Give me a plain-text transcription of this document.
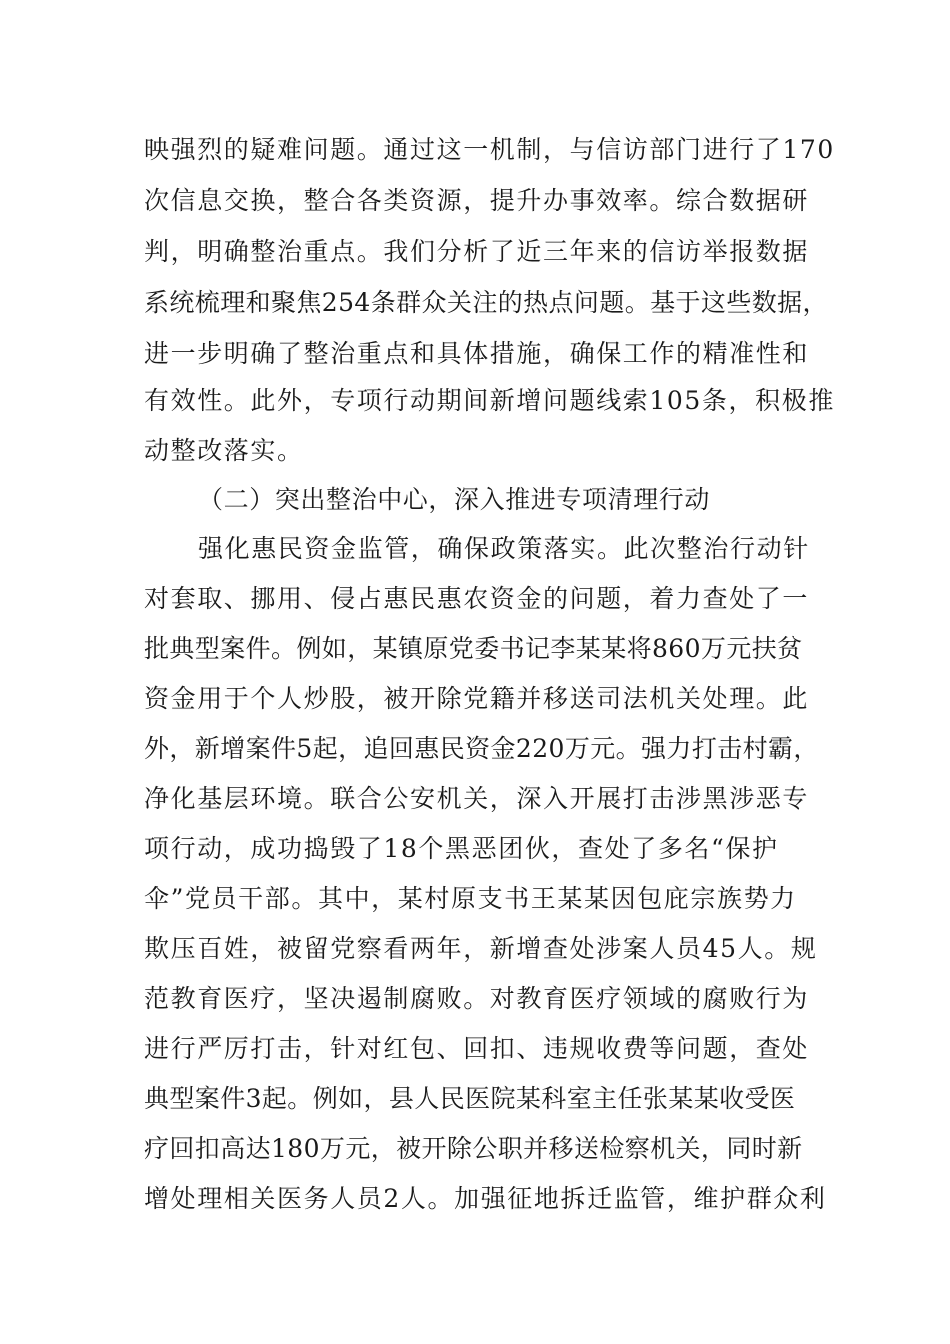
映强烈的疑难问题。通过这一机制，与信访部门进行了170
次信息交换，整合各类资源，提升办事效率。综合数据研
判，明确整治重点。我们分析了近三年来的信访举报数据
系统梳理和聚焦254条群众关注的热点问题。基于这些数据，
进一步明确了整治重点和具体措施，确保工作的精准性和
有效性。此外，专项行动期间新增问题线索105条，积极推
动整改落实。
（二）突出整治中心，深入推进专项清理行动
强化惠民资金监管，确保政策落实。此次整治行动针
对套取、挪用、侵占惠民惠农资金的问题，着力查处了一
批典型案件。例如，某镇原党委书记李某某将860万元扶贫
资金用于个人炒股，被开除党籍并移送司法机关处理。此
外，新增案件5起，追回惠民资金220万元。强力打击村霸，
净化基层环境。联合公安机关，深入开展打击涉黑涉恶专
项行动，成功捣毁了18个黑恶团伙，查处了多名“保护
伞”党员干部。其中，某村原支书王某某因包庇宗族势力
欺压百姓，被留党察看两年，新增查处涉案人员45人。规
范教育医疗，坚决遏制腐败。对教育医疗领域的腐败行为
进行严厉打击，针对红包、回扣、违规收费等问题，查处
典型案件3起。例如，县人民医院某科室主任张某某收受医
疗回扣高达180万元，被开除公职并移送检察机关，同时新
增处理相关医务人员2人。加强征地拆迁监管，维护群众利
